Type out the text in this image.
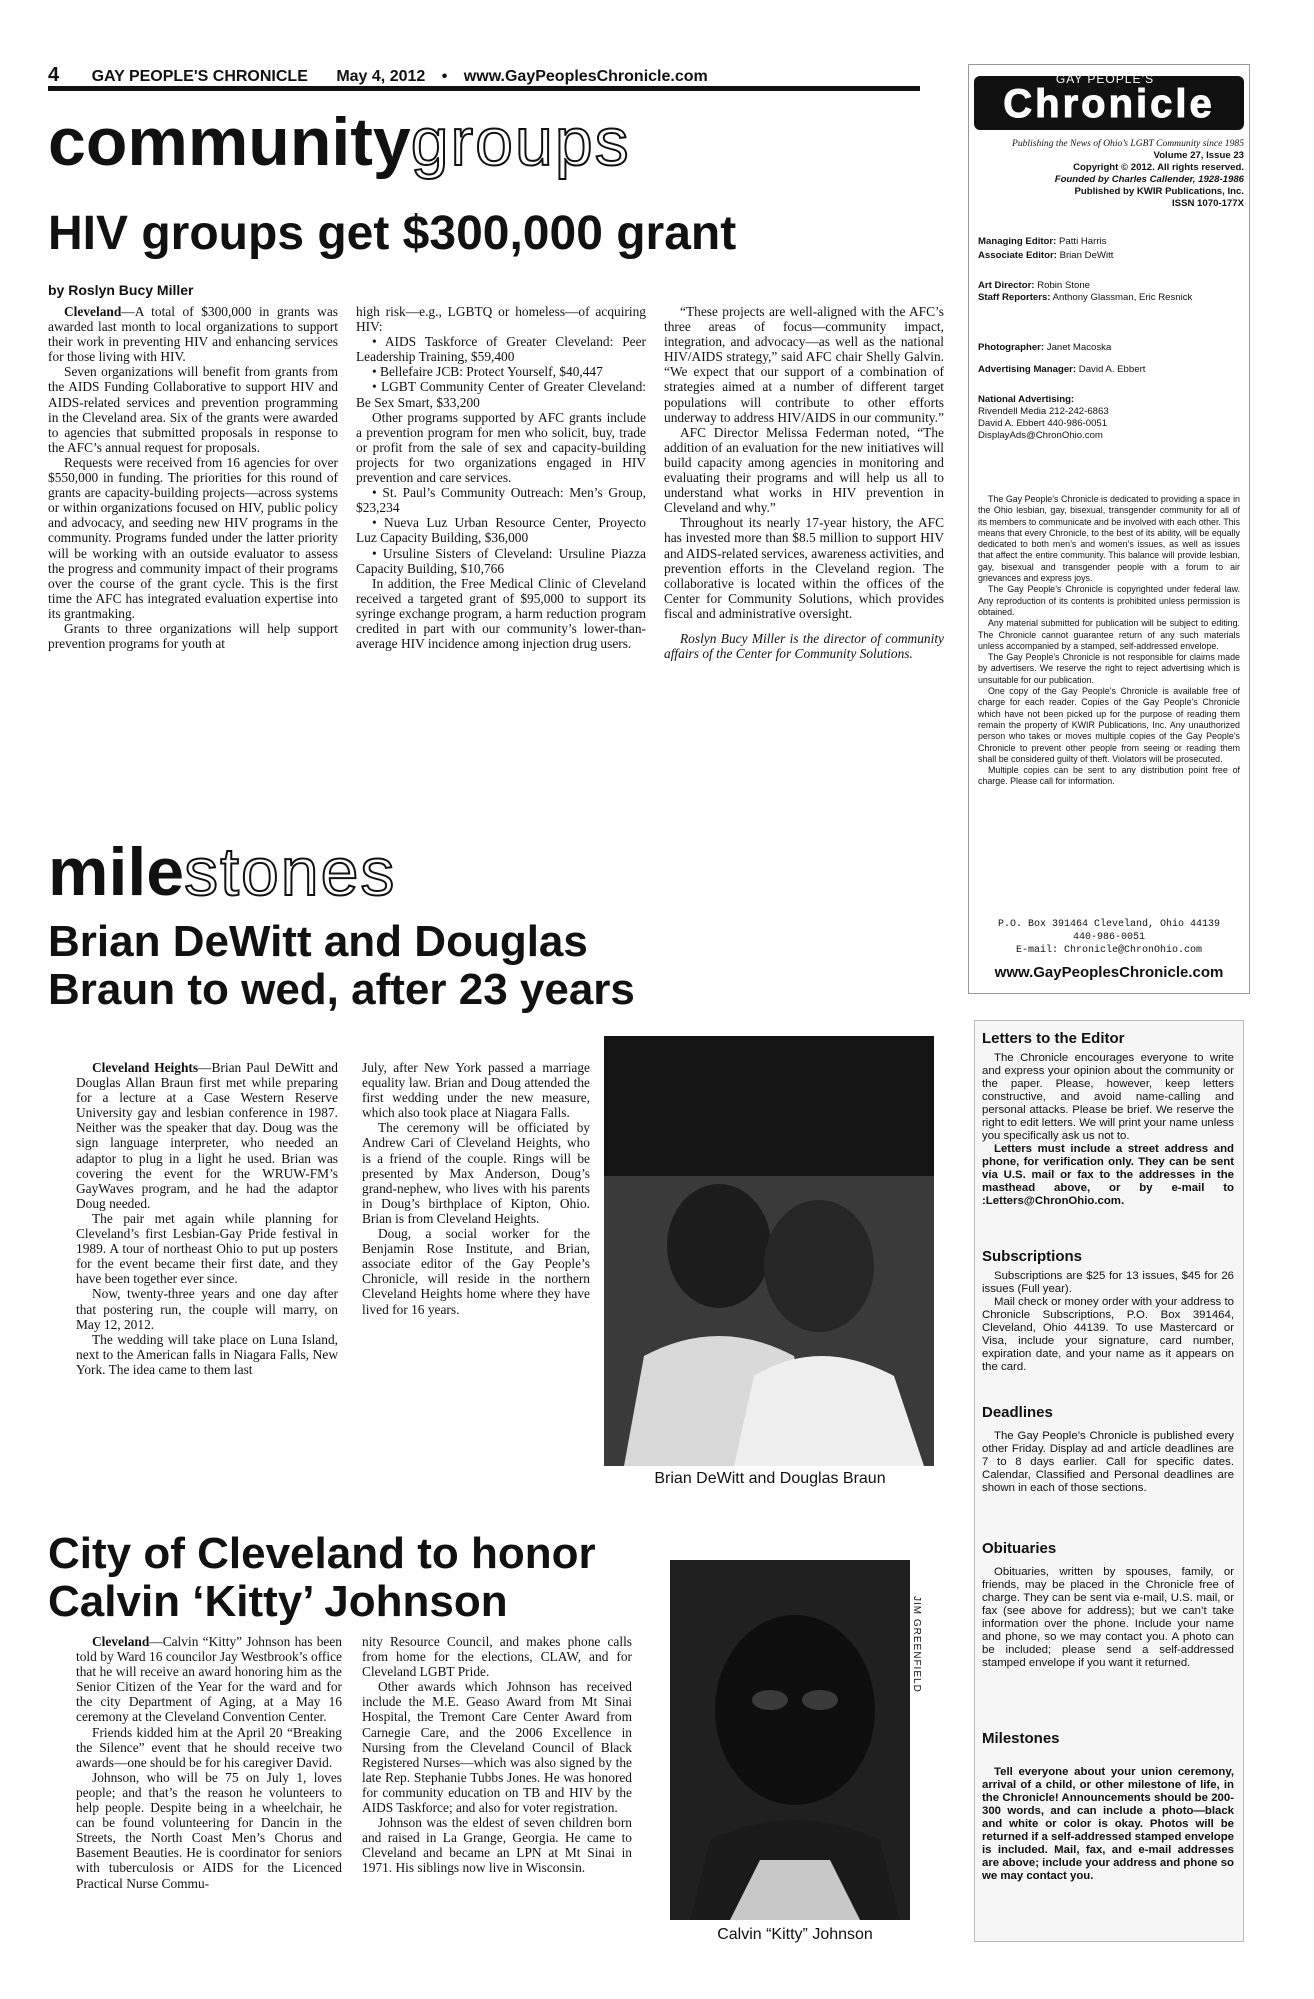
4 GAY PEOPLE'S CHRONICLE May 4, 2012 • www.GayPeoplesChronicle.com
communitygroups
HIV groups get $300,000 grant
by Roslyn Bucy Miller

Cleveland—A total of $300,000 in grants was awarded last month to local organizations to support their work in preventing HIV and enhancing services for those living with HIV.

Seven organizations will benefit from grants from the AIDS Funding Collaborative to support HIV and AIDS-related services and prevention programming in the Cleveland area. Six of the grants were awarded to agencies that submitted proposals in response to the AFC’s annual request for proposals.

Requests were received from 16 agencies for over $550,000 in funding. The priorities for this round of grants are capacity-building projects—across systems or within organizations focused on HIV, public policy and advocacy, and seeding new HIV programs in the community. Programs funded under the latter priority will be working with an outside evaluator to assess the progress and community impact of their programs over the course of the grant cycle. This is the first time the AFC has integrated evaluation expertise into its grantmaking.

Grants to three organizations will help support prevention programs for youth at

high risk—e.g., LGBTQ or homeless—of acquiring HIV:

• AIDS Taskforce of Greater Cleveland: Peer Leadership Training, $59,400

• Bellefaire JCB: Protect Yourself, $40,447

• LGBT Community Center of Greater Cleveland: Be Sex Smart, $33,200

Other programs supported by AFC grants include a prevention program for men who solicit, buy, trade or profit from the sale of sex and capacity-building projects for two organizations engaged in HIV prevention and care services.

• St. Paul’s Community Outreach: Men’s Group, $23,234

• Nueva Luz Urban Resource Center, Proyecto Luz Capacity Building, $36,000

• Ursuline Sisters of Cleveland: Ursuline Piazza Capacity Building, $10,766

In addition, the Free Medical Clinic of Cleveland received a targeted grant of $95,000 to support its syringe exchange program, a harm reduction program credited in part with our community’s lower-than-average HIV incidence among injection drug users.

“These projects are well-aligned with the AFC’s three areas of focus—community impact, integration, and advocacy—as well as the national HIV/AIDS strategy,” said AFC chair Shelly Galvin. “We expect that our support of a combination of strategies aimed at a number of different target populations will contribute to other efforts underway to address HIV/AIDS in our community.”

AFC Director Melissa Federman noted, “The addition of an evaluation for the new initiatives will build capacity among agencies in monitoring and evaluating their programs and will help us all to understand what works in HIV prevention in Cleveland and why.”

Throughout its nearly 17-year history, the AFC has invested more than $8.5 million to support HIV and AIDS-related services, awareness activities, and prevention efforts in the Cleveland region. The collaborative is located within the offices of the Center for Community Solutions, which provides fiscal and administrative oversight.

Roslyn Bucy Miller is the director of community affairs of the Center for Community Solutions.

milestones
Brian DeWitt and Douglas Braun to wed, after 23 years

Cleveland Heights—Brian Paul DeWitt and Douglas Allan Braun first met while preparing for a lecture at a Case Western Reserve University gay and lesbian conference in 1987. Neither was the speaker that day. Doug was the sign language interpreter, who needed an adaptor to plug in a light he used. Brian was covering the event for the WRUW-FM’s GayWaves program, and he had the adaptor Doug needed.

The pair met again while planning for Cleveland’s first Lesbian-Gay Pride festival in 1989. A tour of northeast Ohio to put up posters for the event became their first date, and they have been together ever since.

Now, twenty-three years and one day after that postering run, the couple will marry, on May 12, 2012.

The wedding will take place on Luna Island, next to the American falls in Niagara Falls, New York. The idea came to them last

July, after New York passed a marriage equality law. Brian and Doug attended the first wedding under the new measure, which also took place at Niagara Falls.

The ceremony will be officiated by Andrew Cari of Cleveland Heights, who is a friend of the couple. Rings will be presented by Max Anderson, Doug’s grand-nephew, who lives with his parents in Doug’s birthplace of Kipton, Ohio. Brian is from Cleveland Heights.

Doug, a social worker for the Benjamin Rose Institute, and Brian, associate editor of the Gay People’s Chronicle, will reside in the northern Cleveland Heights home where they have lived for 16 years.

Brian DeWitt and Douglas Braun
City of Cleveland to honor Calvin ‘Kitty’ Johnson

Cleveland—Calvin “Kitty” Johnson has been told by Ward 16 councilor Jay Westbrook’s office that he will receive an award honoring him as the Senior Citizen of the Year for the ward and for the city Department of Aging, at a May 16 ceremony at the Cleveland Convention Center.

Friends kidded him at the April 20 “Breaking the Silence” event that he should receive two awards—one should be for his caregiver David.

Johnson, who will be 75 on July 1, loves people; and that’s the reason he volunteers to help people. Despite being in a wheelchair, he can be found volunteering for Dancin in the Streets, the North Coast Men’s Chorus and Basement Beauties. He is coordinator for seniors with tuberculosis or AIDS for the Licenced Practical Nurse Commu-

nity Resource Council, and makes phone calls from home for the elections, CLAW, and for Cleveland LGBT Pride.

Other awards which Johnson has received include the M.E. Geaso Award from Mt Sinai Hospital, the Tremont Care Center Award from Carnegie Care, and the 2006 Excellence in Nursing from the Cleveland Council of Black Registered Nurses—which was also signed by the late Rep. Stephanie Tubbs Jones. He was honored for community education on TB and HIV by the AIDS Taskforce; and also for voter registration.

Johnson was the eldest of seven children born and raised in La Grange, Georgia. He came to Cleveland and became an LPN at Mt Sinai in 1971. His siblings now live in Wisconsin.

JIM GREENFIELD
Calvin “Kitty” Johnson
GAY PEOPLE’S
Chronicle
Publishing the News of Ohio’s LGBT Community since 1985
Volume 27, Issue 23
Copyright © 2012. All rights reserved.
Founded by Charles Callender, 1928-1986
Published by KWIR Publications, Inc.
ISSN 1070-177X
Managing Editor: Patti Harris
Associate Editor: Brian DeWitt
Art Director: Robin Stone
Staff Reporters: Anthony Glassman, Eric Resnick
Photographer: Janet Macoska
Advertising Manager: David A. Ebbert
National Advertising:
Rivendell Media 212-242-6863
David A. Ebbert 440-986-0051
DisplayAds@ChronOhio.com

The Gay People’s Chronicle is dedicated to providing a space in the Ohio lesbian, gay, bisexual, transgender community for all of its members to communicate and be involved with each other. This means that every Chronicle, to the best of its ability, will be equally dedicated to both men’s and women’s issues, as well as issues that affect the entire community. This balance will provide lesbian, gay, bisexual and transgender people with a forum to air grievances and express joys.

The Gay People’s Chronicle is copyrighted under federal law. Any reproduction of its contents is prohibited unless permission is obtained.

Any material submitted for publication will be subject to editing. The Chronicle cannot guarantee return of any such materials unless accompanied by a stamped, self-addressed envelope.

The Gay People’s Chronicle is not responsible for claims made by advertisers. We reserve the right to reject advertising which is unsuitable for our publication.

One copy of the Gay People’s Chronicle is available free of charge for each reader. Copies of the Gay People’s Chronicle which have not been picked up for the purpose of reading them remain the property of KWIR Publications, Inc. Any unauthorized person who takes or moves multiple copies of the Gay People’s Chronicle to prevent other people from seeing or reading them shall be considered guilty of theft. Violators will be prosecuted.

Multiple copies can be sent to any distribution point free of charge. Please call for information.

P.O. Box 391464 Cleveland, Ohio 44139
440-986-0051
E-mail: Chronicle@ChronOhio.com
www.GayPeoplesChronicle.com
Letters to the Editor

The Chronicle encourages everyone to write and express your opinion about the community or the paper. Please, however, keep letters constructive, and avoid name-calling and personal attacks. Please be brief. We reserve the right to edit letters. We will print your name unless you specifically ask us not to.

Letters must include a street address and phone, for verification only. They can be sent via U.S. mail or fax to the addresses in the masthead above, or by e-mail to :Letters@ChronOhio.com.

Subscriptions

Subscriptions are $25 for 13 issues, $45 for 26 issues (Full year).

Mail check or money order with your address to Chronicle Subscriptions, P.O. Box 391464, Cleveland, Ohio 44139. To use Mastercard or Visa, include your signature, card number, expiration date, and your name as it appears on the card.

Deadlines

The Gay People’s Chronicle is published every other Friday. Display ad and article deadlines are 7 to 8 days earlier. Call for specific dates. Calendar, Classified and Personal deadlines are shown in each of those sections.

Obituaries

Obituaries, written by spouses, family, or friends, may be placed in the Chronicle free of charge. They can be sent via e-mail, U.S. mail, or fax (see above for address); but we can’t take information over the phone. Include your name and phone, so we may contact you. A photo can be included; please send a self-addressed stamped envelope if you want it returned.

Milestones

Tell everyone about your union ceremony, arrival of a child, or other milestone of life, in the Chronicle! Announcements should be 200-300 words, and can include a photo—black and white or color is okay. Photos will be returned if a self-addressed stamped envelope is included. Mail, fax, and e-mail addresses are above; include your address and phone so we may contact you.
